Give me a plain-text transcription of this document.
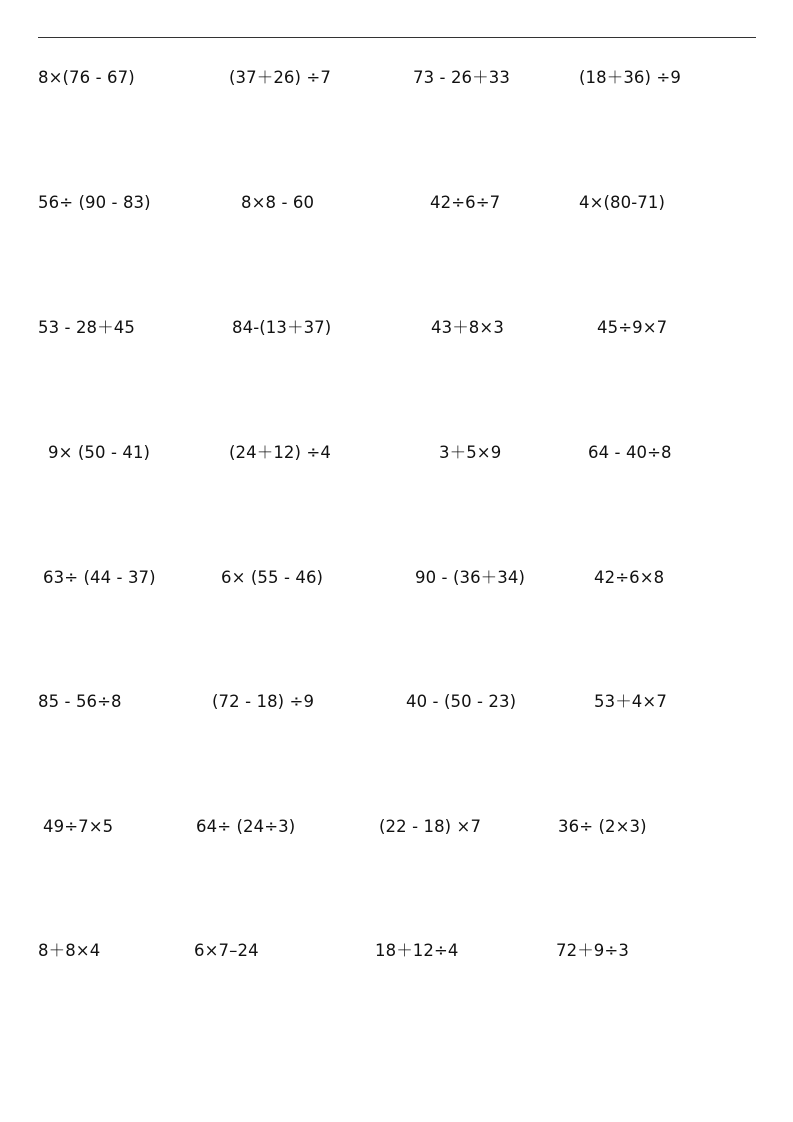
8×(76 - 67)	(37＋26) ÷7	73 - 26＋33	(18＋36) ÷9
56÷ (90 - 83)	8×8 - 60	42÷6÷7	4×(80-71)
53 - 28＋45	84-(13＋37)	43＋8×3	45÷9×7
9× (50 - 41)	(24＋12) ÷4	3＋5×9	64 - 40÷8
63÷ (44 - 37)	6× (55 - 46)	90 - (36＋34)	42÷6×8
85 - 56÷8	(72 - 18) ÷9	40 - (50 - 23)	53＋4×7
49÷7×5	64÷ (24÷3)	(22 - 18) ×7	36÷ (2×3)
8＋8×4	6×7–24	18＋12÷4	72＋9÷3
